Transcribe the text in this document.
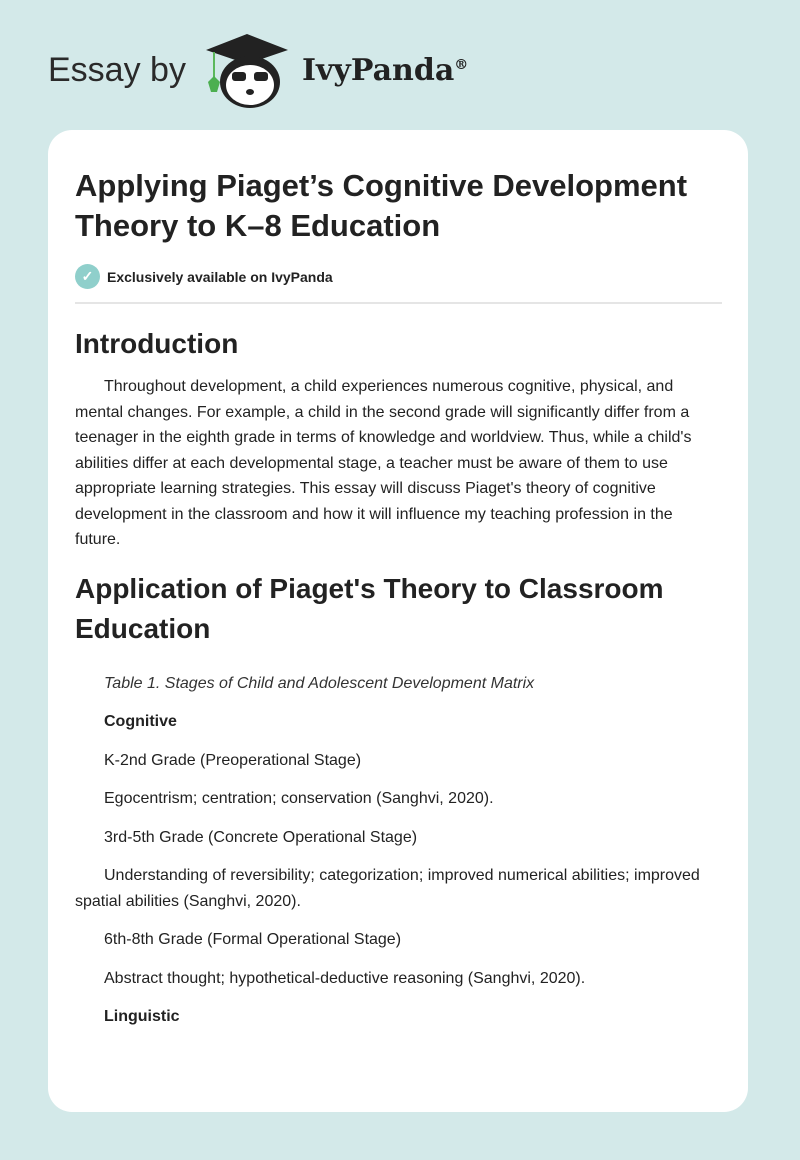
Essay by	IvyPanda®
Applying Piaget’s Cognitive Development Theory to K–8 Education
✓ Exclusively available on IvyPanda
Introduction

Throughout development, a child experiences numerous cognitive, physical, and mental changes. For example, a child in the second grade will significantly differ from a teenager in the eighth grade in terms of knowledge and worldview. Thus, while a child's abilities differ at each developmental stage, a teacher must be aware of them to use appropriate learning strategies. This essay will discuss Piaget's theory of cognitive development in the classroom and how it will influence my teaching profession in the future.

Application of Piaget's Theory to Classroom Education

Table 1. Stages of Child and Adolescent Development Matrix

Cognitive

K-2nd Grade (Preoperational Stage)

Egocentrism; centration; conservation (Sanghvi, 2020).

3rd-5th Grade (Concrete Operational Stage)

Understanding of reversibility; categorization; improved numerical abilities; improved spatial abilities (Sanghvi, 2020).

6th-8th Grade (Formal Operational Stage)

Abstract thought; hypothetical-deductive reasoning (Sanghvi, 2020).

Linguistic
